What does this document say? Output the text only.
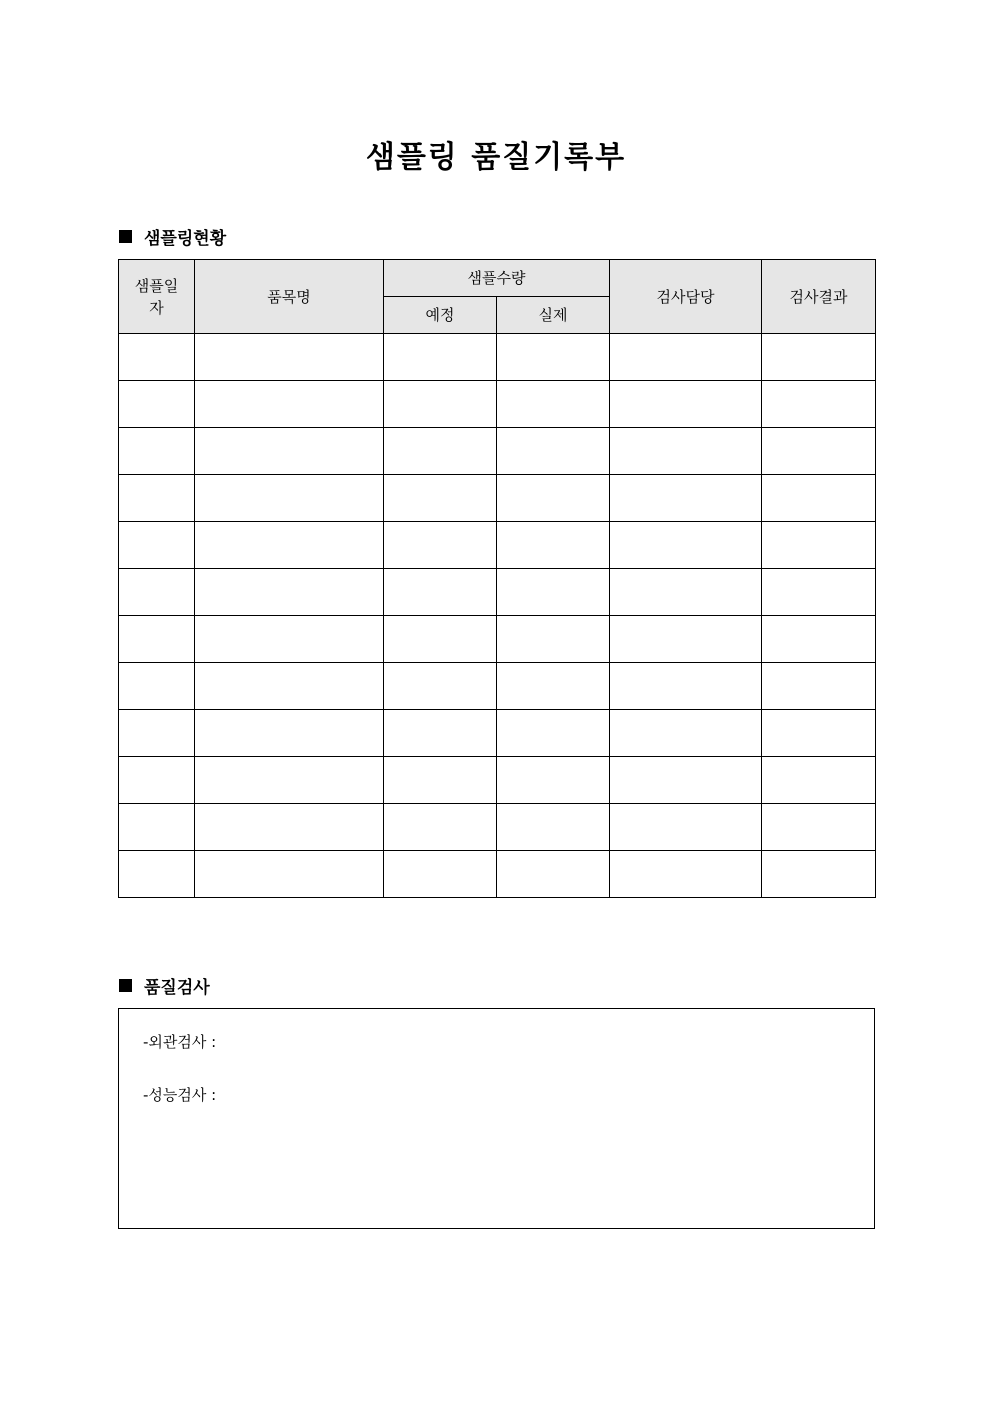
샘플링 품질기록부
샘플링현황
샘플일자	품목명	샘플수량		검사담당	검사결과
		예정	실제		

품질검사
-외관검사 :
-성능검사 :
